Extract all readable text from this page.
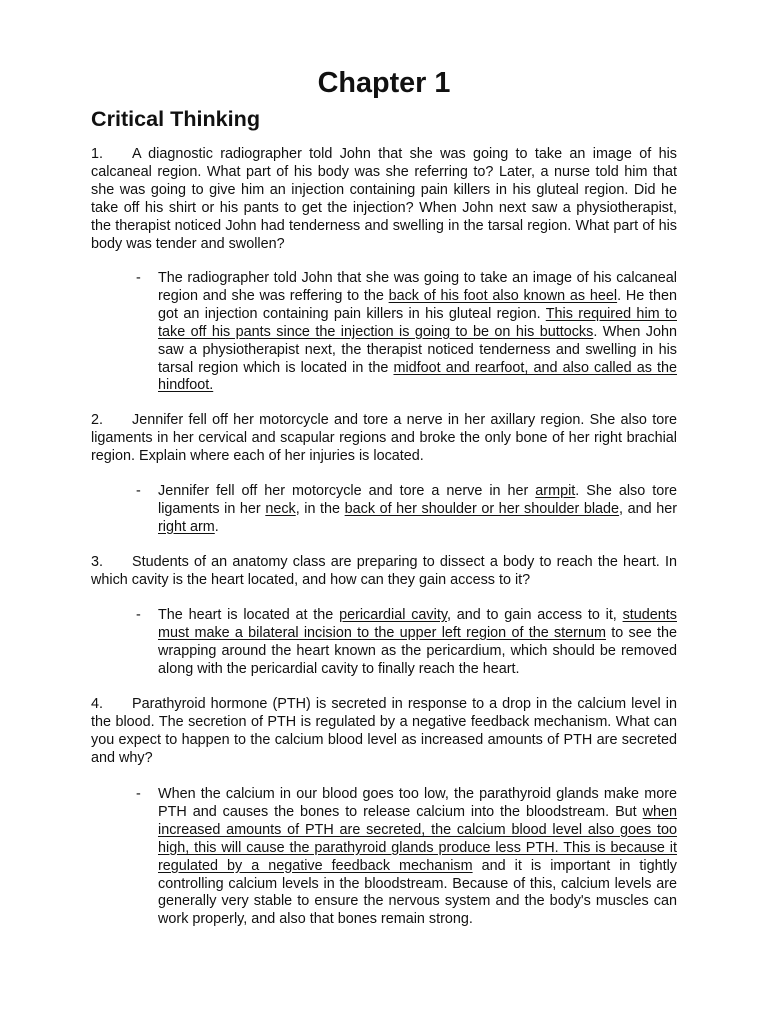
Chapter 1
Critical Thinking

1. A diagnostic radiographer told John that she was going to take an image of his calcaneal region. What part of his body was she referring to? Later, a nurse told him that she was going to give him an injection containing pain killers in his gluteal region. Did he take off his shirt or his pants to get the injection? When John next saw a physiotherapist, the therapist noticed John had tenderness and swelling in the tarsal region. What part of his body was tender and swollen?

- The radiographer told John that she was going to take an image of his calcaneal region and she was reffering to the back of his foot also known as heel. He then got an injection containing pain killers in his gluteal region. This required him to take off his pants since the injection is going to be on his buttocks. When John saw a physiotherapist next, the therapist noticed tenderness and swelling in his tarsal region which is located in the midfoot and rearfoot, and also called as the hindfoot.

2. Jennifer fell off her motorcycle and tore a nerve in her axillary region. She also tore ligaments in her cervical and scapular regions and broke the only bone of her right brachial region. Explain where each of her injuries is located.

- Jennifer fell off her motorcycle and tore a nerve in her armpit. She also tore ligaments in her neck, in the back of her shoulder or her shoulder blade, and her right arm.

3. Students of an anatomy class are preparing to dissect a body to reach the heart. In which cavity is the heart located, and how can they gain access to it?

- The heart is located at the pericardial cavity, and to gain access to it, students must make a bilateral incision to the upper left region of the sternum to see the wrapping around the heart known as the pericardium, which should be removed along with the pericardial cavity to finally reach the heart.

4. Parathyroid hormone (PTH) is secreted in response to a drop in the calcium level in the blood. The secretion of PTH is regulated by a negative feedback mechanism. What can you expect to happen to the calcium blood level as increased amounts of PTH are secreted and why?

- When the calcium in our blood goes too low, the parathyroid glands make more PTH and causes the bones to release calcium into the bloodstream. But when increased amounts of PTH are secreted, the calcium blood level also goes too high, this will cause the parathyroid glands produce less PTH. This is because it regulated by a negative feedback mechanism and it is important in tightly controlling calcium levels in the bloodstream. Because of this, calcium levels are generally very stable to ensure the nervous system and the body's muscles can work properly, and also that bones remain strong.
